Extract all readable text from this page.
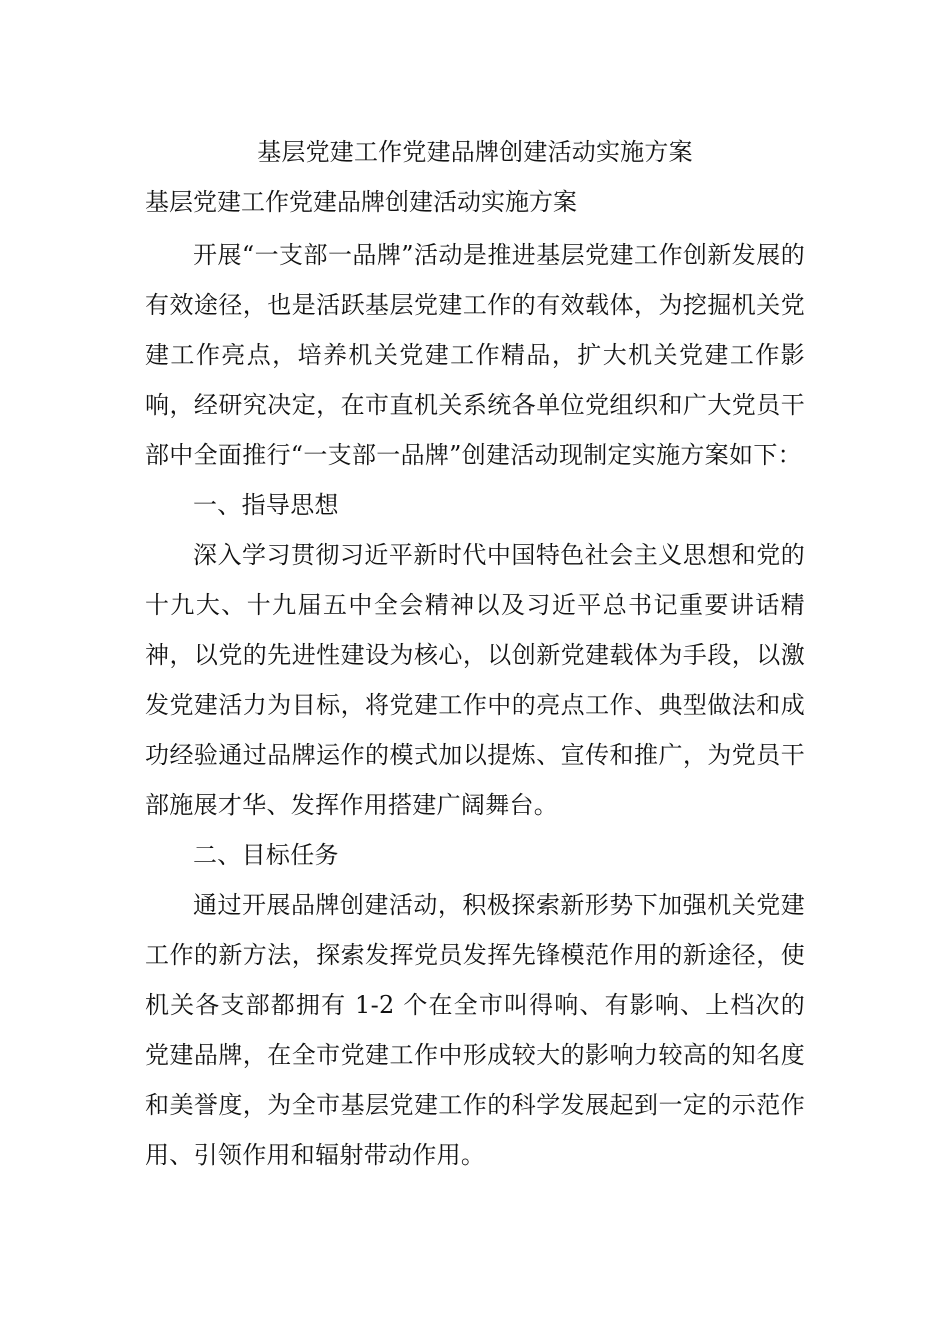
基层党建工作党建品牌创建活动实施方案

基层党建工作党建品牌创建活动实施方案

开展“一支部一品牌”活动是推进基层党建工作创新发展的有效途径，也是活跃基层党建工作的有效载体，为挖掘机关党建工作亮点，培养机关党建工作精品，扩大机关党建工作影响，经研究决定，在市直机关系统各单位党组织和广大党员干部中全面推行“一支部一品牌”创建活动现制定实施方案如下：

一、指导思想

深入学习贯彻习近平新时代中国特色社会主义思想和党的十九大、十九届五中全会精神以及习近平总书记重要讲话精神，以党的先进性建设为核心，以创新党建载体为手段，以激发党建活力为目标，将党建工作中的亮点工作、典型做法和成功经验通过品牌运作的模式加以提炼、宣传和推广，为党员干部施展才华、发挥作用搭建广阔舞台。

二、目标任务

通过开展品牌创建活动，积极探索新形势下加强机关党建工作的新方法，探索发挥党员发挥先锋模范作用的新途径，使机关各支部都拥有 1-2 个在全市叫得响、有影响、上档次的党建品牌，在全市党建工作中形成较大的影响力较高的知名度和美誉度，为全市基层党建工作的科学发展起到一定的示范作用、引领作用和辐射带动作用。
